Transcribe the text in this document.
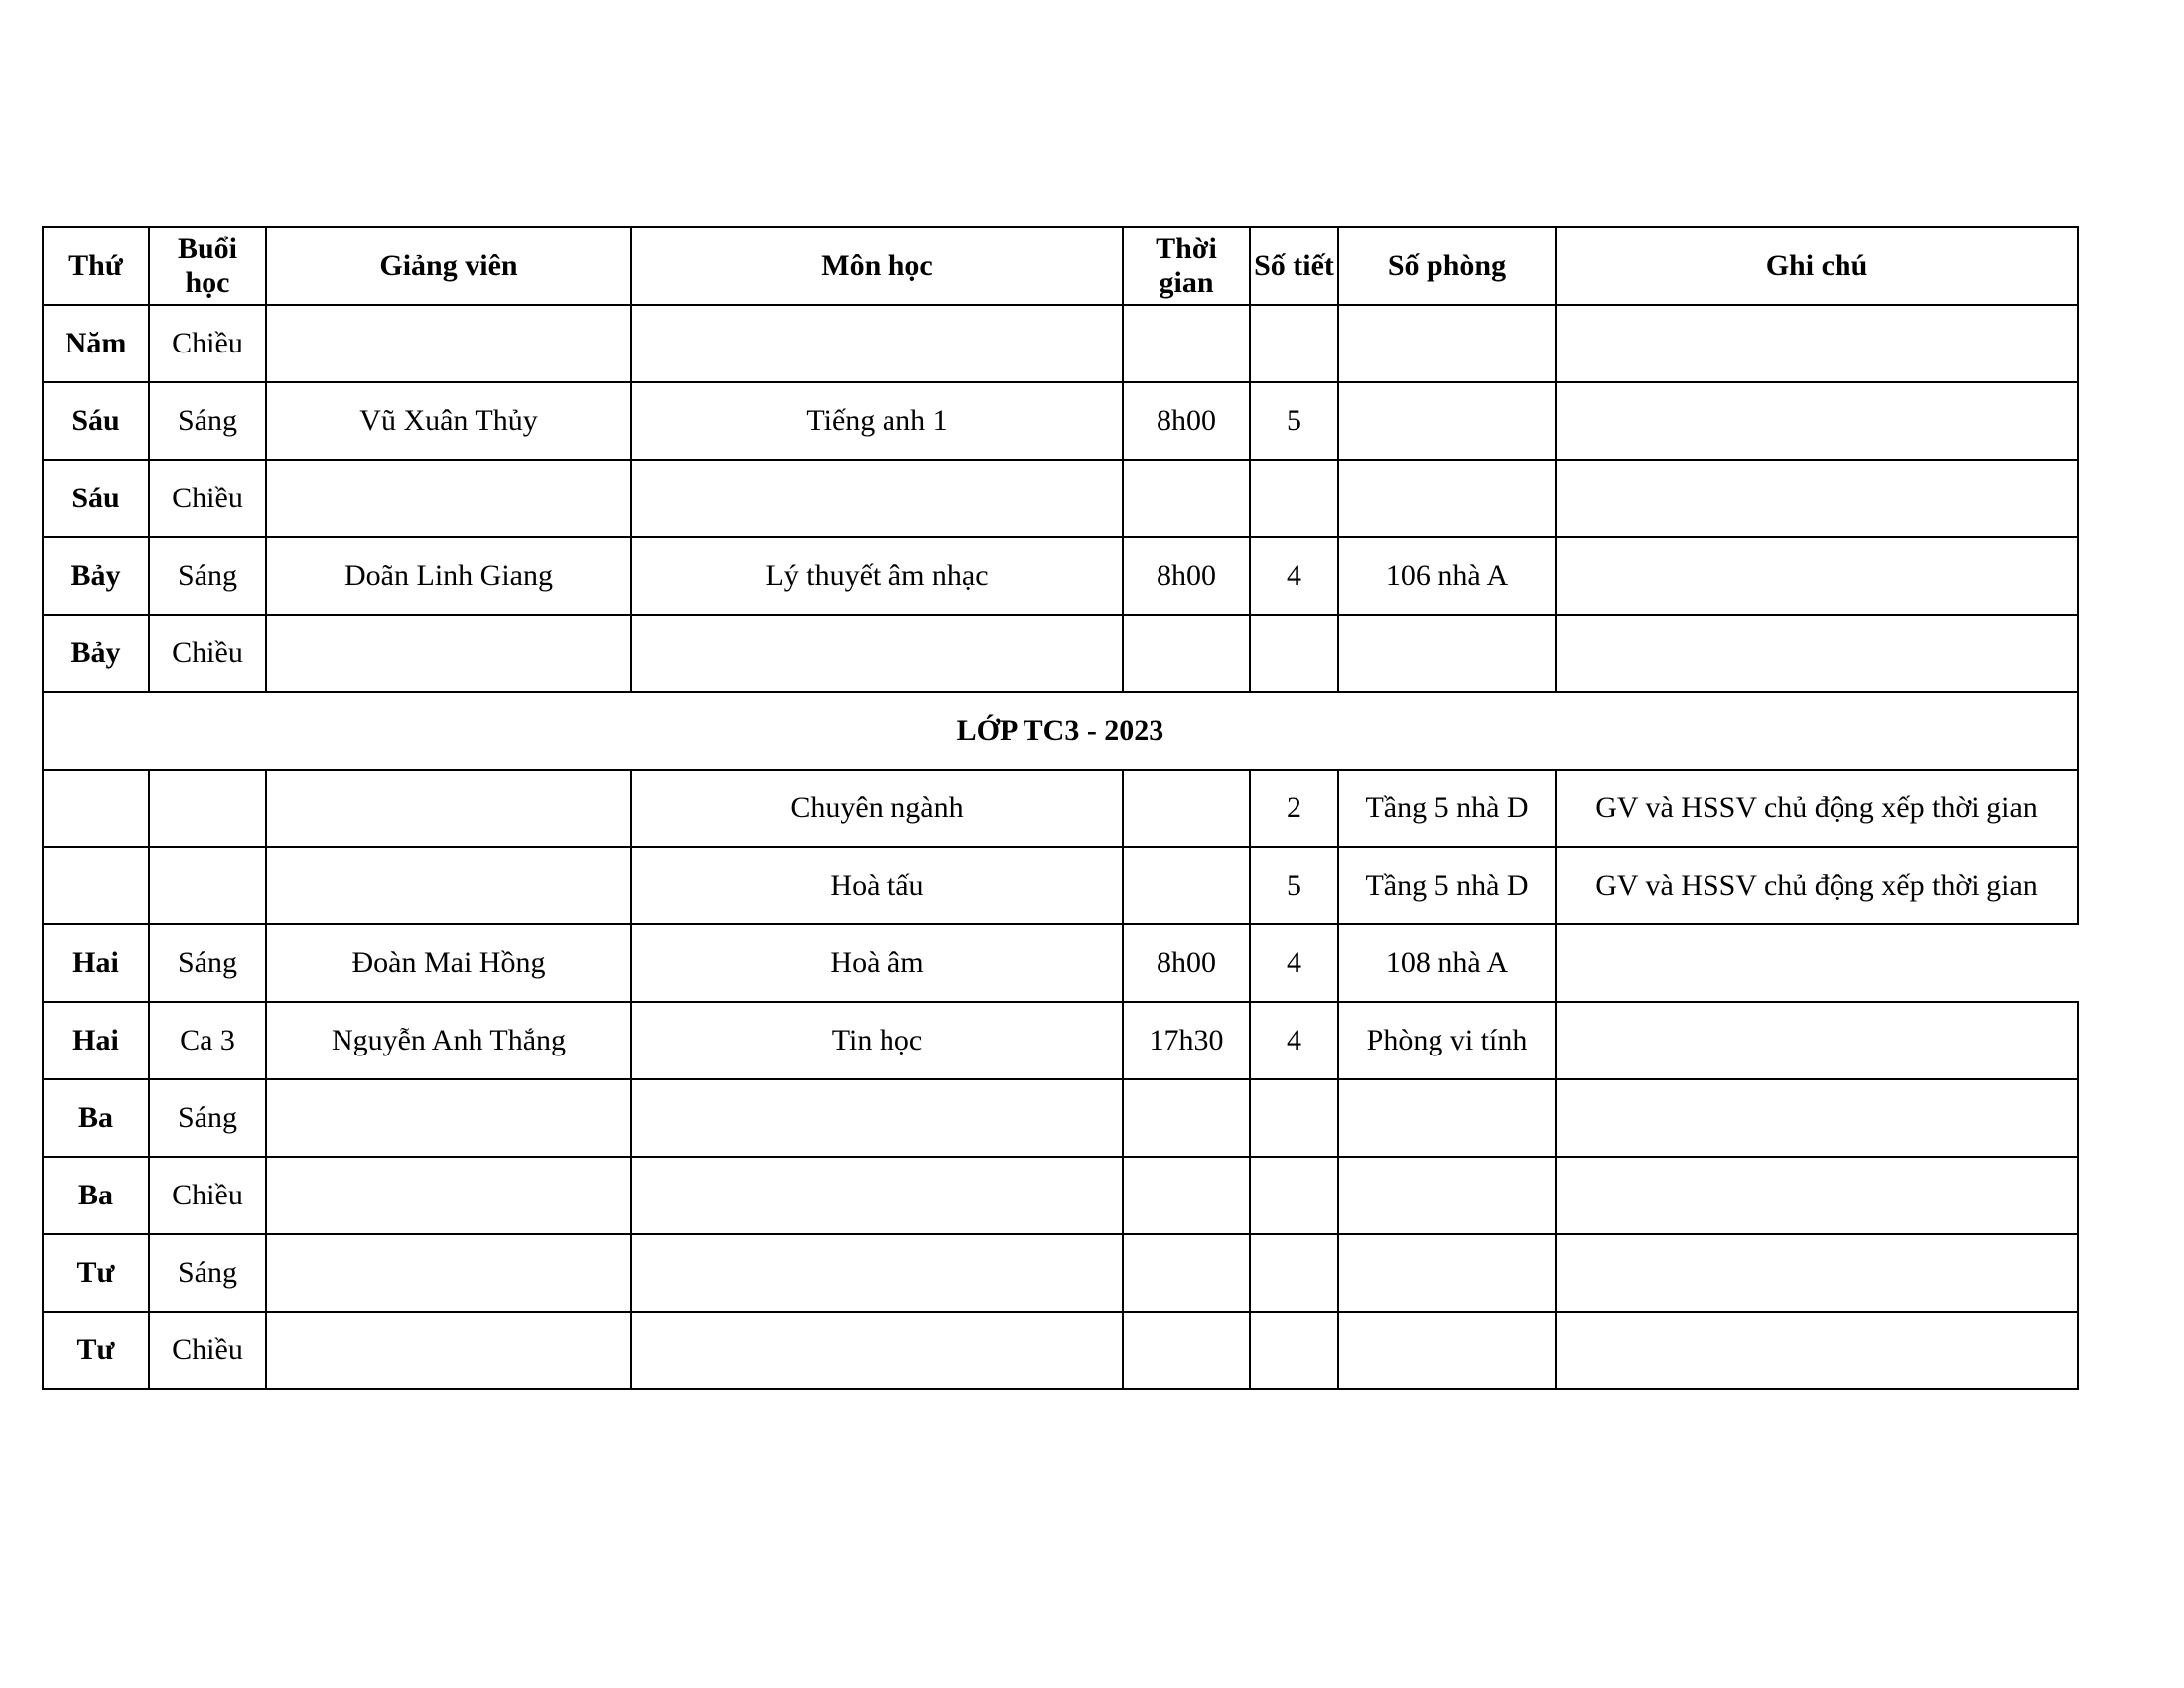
Thứ	Buổi học	Giảng viên	Môn học	Thời gian	Số tiết	Số phòng	Ghi chú
Năm	Chiều						
Sáu	Sáng	Vũ Xuân Thủy	Tiếng anh 1	8h00	5		
Sáu	Chiều						
Bảy	Sáng	Doãn Linh Giang	Lý thuyết âm nhạc	8h00	4	106 nhà A	
Bảy	Chiều						
LỚP TC3 - 2023							
			Chuyên ngành		2	Tầng 5 nhà D	GV và HSSV chủ động xếp thời gian
			Hoà tấu		5	Tầng 5 nhà D	GV và HSSV chủ động xếp thời gian
Hai	Sáng	Đoàn Mai Hồng	Hoà âm	8h00	4	108 nhà A	
Hai	Ca 3	Nguyễn Anh Thắng	Tin học	17h30	4	Phòng vi tính	
Ba	Sáng						
Ba	Chiều						
Tư	Sáng						
Tư	Chiều						
